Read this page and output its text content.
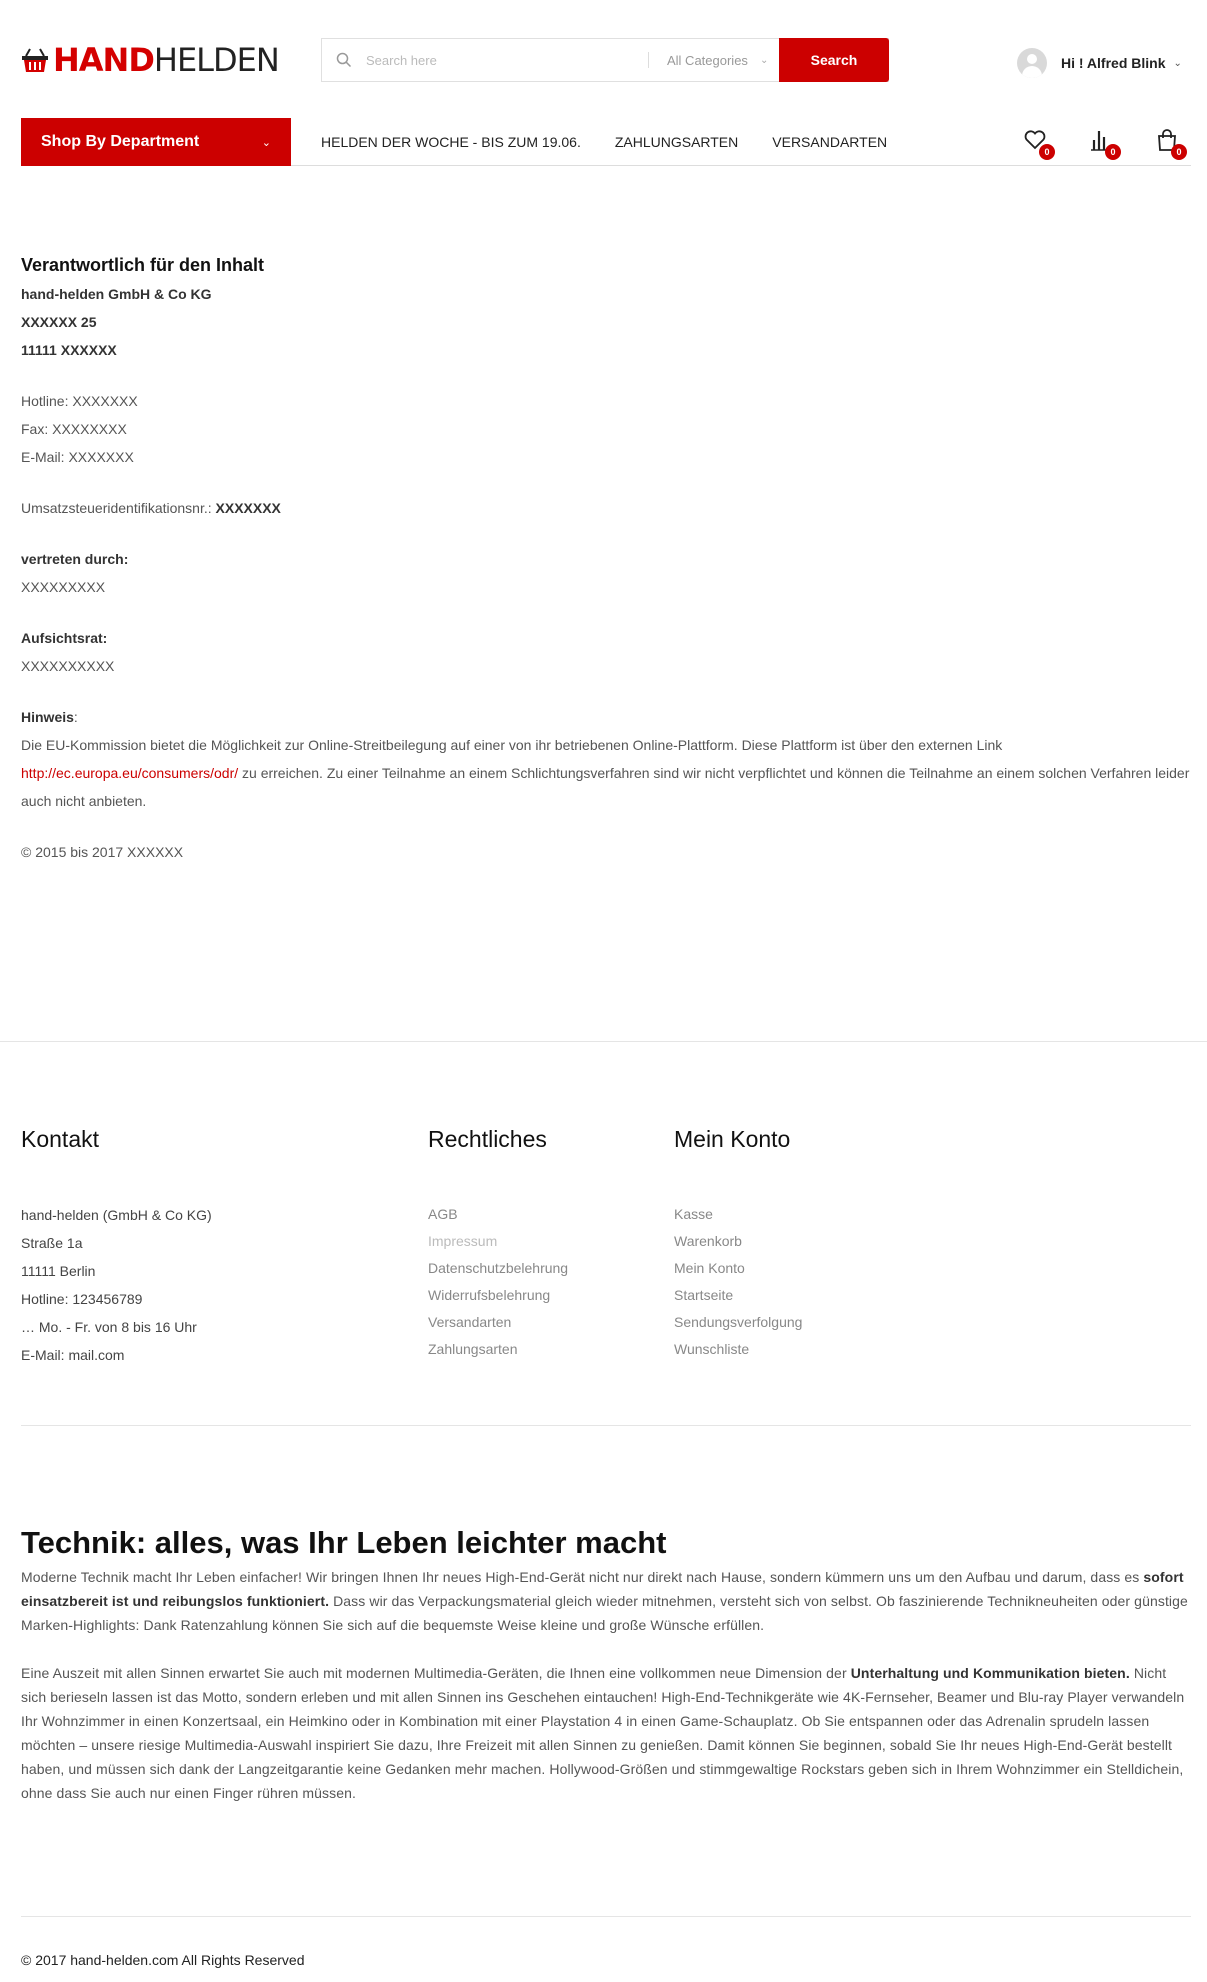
HANDHELDEN
Search here	All Categories ⌄	Search	Hi ! Alfred Blink ⌄
Shop By Department	⌄	HELDEN DER WOCHE - BIS ZUM 19.06. ZAHLUNGSARTEN VERSANDARTEN
0	0	0
Verantwortlich für den Inhalt

hand-helden GmbH & Co KG
XXXXXX 25
11111 XXXXXX

Hotline: XXXXXXX
Fax: XXXXXXXX
E-Mail: XXXXXXX

Umsatzsteueridentifikationsnr.: XXXXXXX

vertreten durch:
XXXXXXXXX

Aufsichtsrat:
XXXXXXXXXX

Hinweis:
Die EU-Kommission bietet die Möglichkeit zur Online-Streitbeilegung auf einer von ihr betriebenen Online-Plattform. Diese Plattform ist über den externen Link
http://ec.europa.eu/consumers/odr/ zu erreichen. Zu einer Teilnahme an einem Schlichtungsverfahren sind wir nicht verpflichtet und können die Teilnahme an einem solchen Verfahren leider auch nicht anbieten.

© 2015 bis 2017 XXXXXX

Kontakt
hand-helden (GmbH & Co KG)
Straße 1a
11111 Berlin
Hotline: 123456789
… Mo. - Fr. von 8 bis 16 Uhr
E-Mail: mail.com
Rechtliches
AGB
Impressum
Datenschutzbelehrung
Widerrufsbelehrung
Versandarten
Zahlungsarten
Mein Konto
Kasse
Warenkorb
Mein Konto
Startseite
Sendungsverfolgung
Wunschliste
Technik: alles, was Ihr Leben leichter macht

Moderne Technik macht Ihr Leben einfacher! Wir bringen Ihnen Ihr neues High-End-Gerät nicht nur direkt nach Hause, sondern kümmern uns um den Aufbau und darum, dass es sofort einsatzbereit ist und reibungslos funktioniert. Dass wir das Verpackungsmaterial gleich wieder mitnehmen, versteht sich von selbst. Ob faszinierende Technikneuheiten oder günstige Marken-Highlights: Dank Ratenzahlung können Sie sich auf die bequemste Weise kleine und große Wünsche erfüllen.

Eine Auszeit mit allen Sinnen erwartet Sie auch mit modernen Multimedia-Geräten, die Ihnen eine vollkommen neue Dimension der Unterhaltung und Kommunikation bieten. Nicht sich berieseln lassen ist das Motto, sondern erleben und mit allen Sinnen ins Geschehen eintauchen! High-End-Technikgeräte wie 4K-Fernseher, Beamer und Blu-ray Player verwandeln Ihr Wohnzimmer in einen Konzertsaal, ein Heimkino oder in Kombination mit einer Playstation 4 in einen Game-Schauplatz. Ob Sie entspannen oder das Adrenalin sprudeln lassen möchten – unsere riesige Multimedia-Auswahl inspiriert Sie dazu, Ihre Freizeit mit allen Sinnen zu genießen. Damit können Sie beginnen, sobald Sie Ihr neues High-End-Gerät bestellt haben, und müssen sich dank der Langzeitgarantie keine Gedanken mehr machen. Hollywood-Größen und stimmgewaltige Rockstars geben sich in Ihrem Wohnzimmer ein Stelldichein, ohne dass Sie auch nur einen Finger rühren müssen.

© 2017 hand-helden.com All Rights Reserved
